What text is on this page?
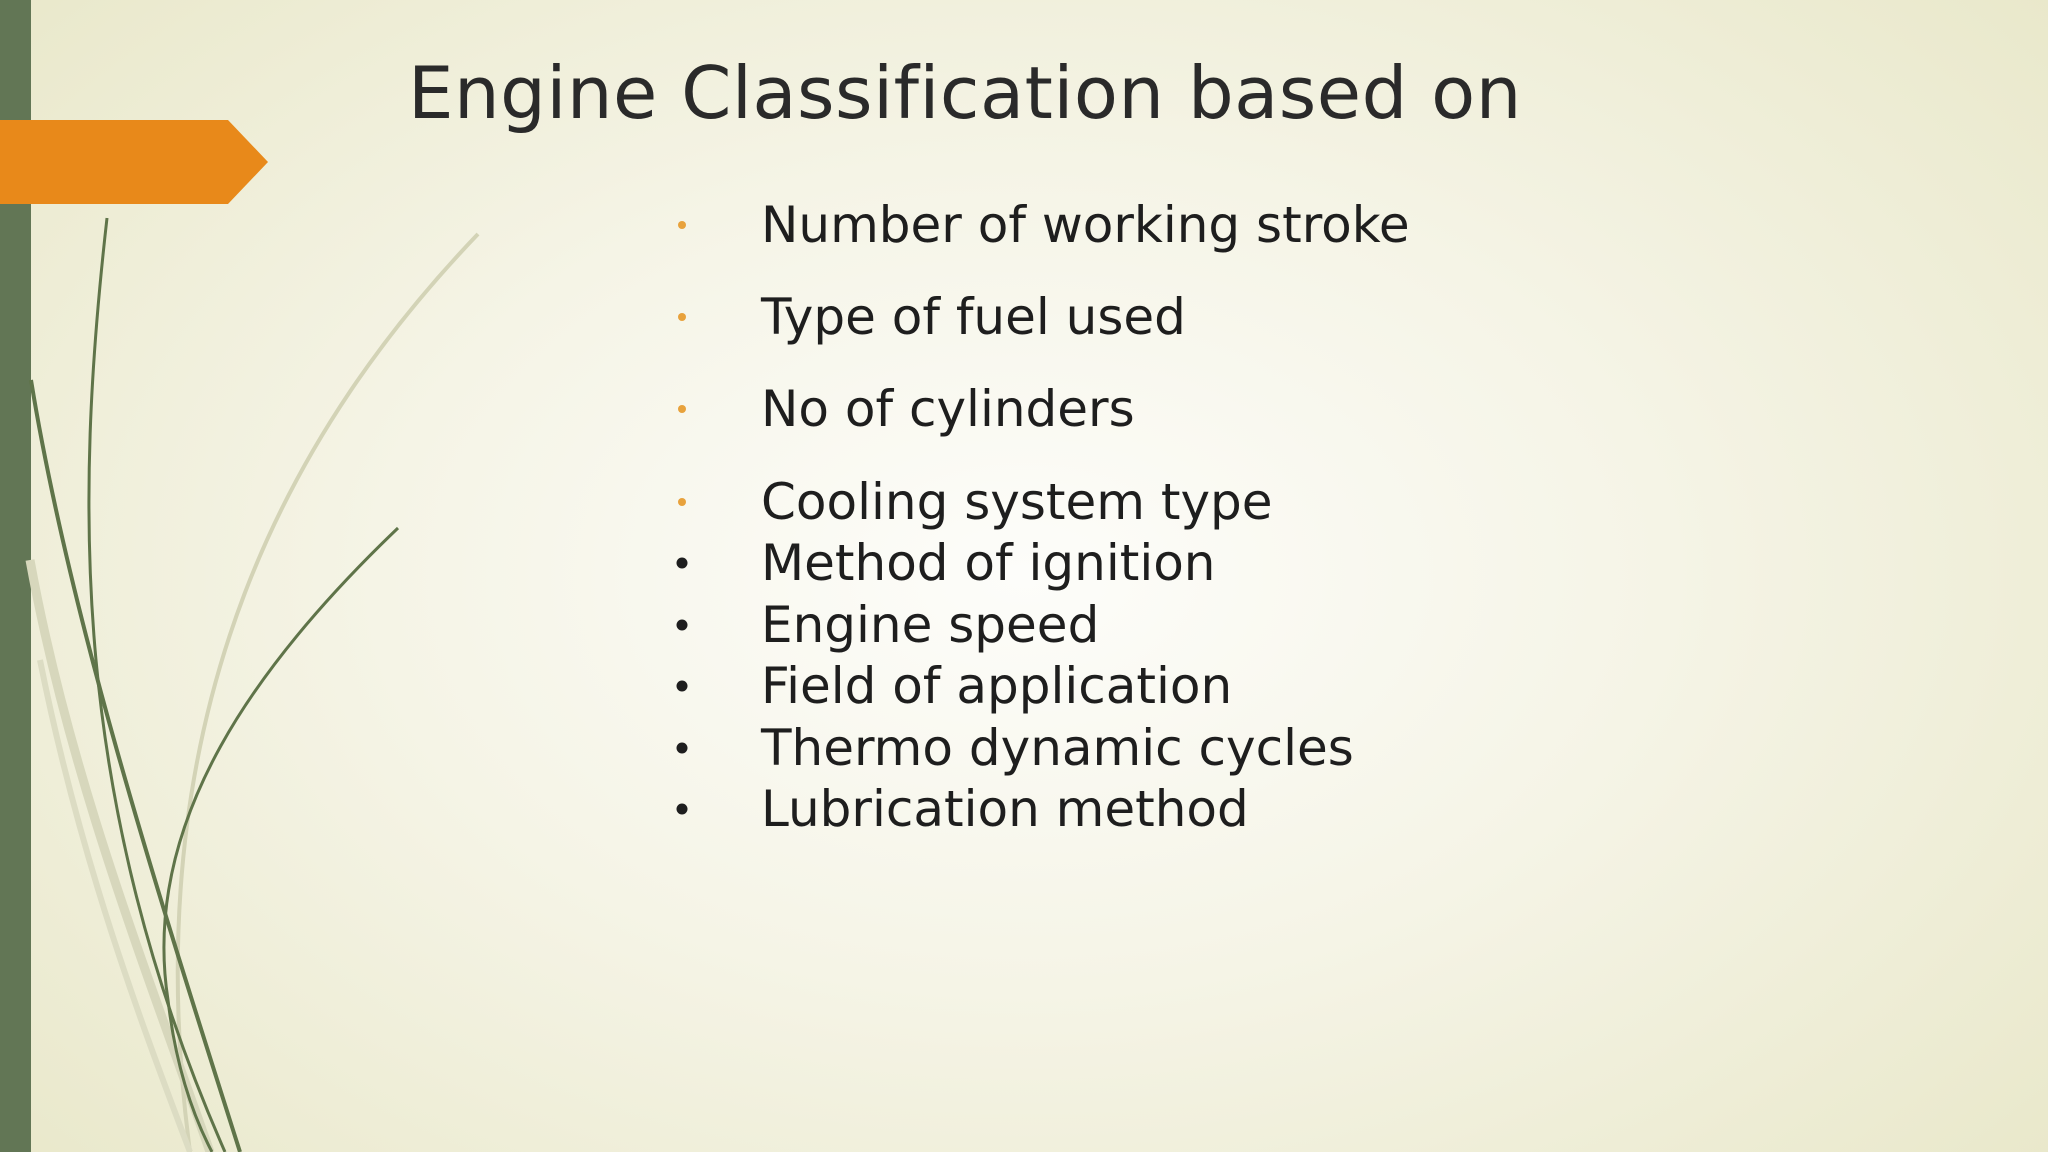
Engine Classification based on
Number of working stroke
Type of fuel used
No of cylinders
Cooling system type
Method of ignition
Engine speed
Field of application
Thermo dynamic cycles
Lubrication method
